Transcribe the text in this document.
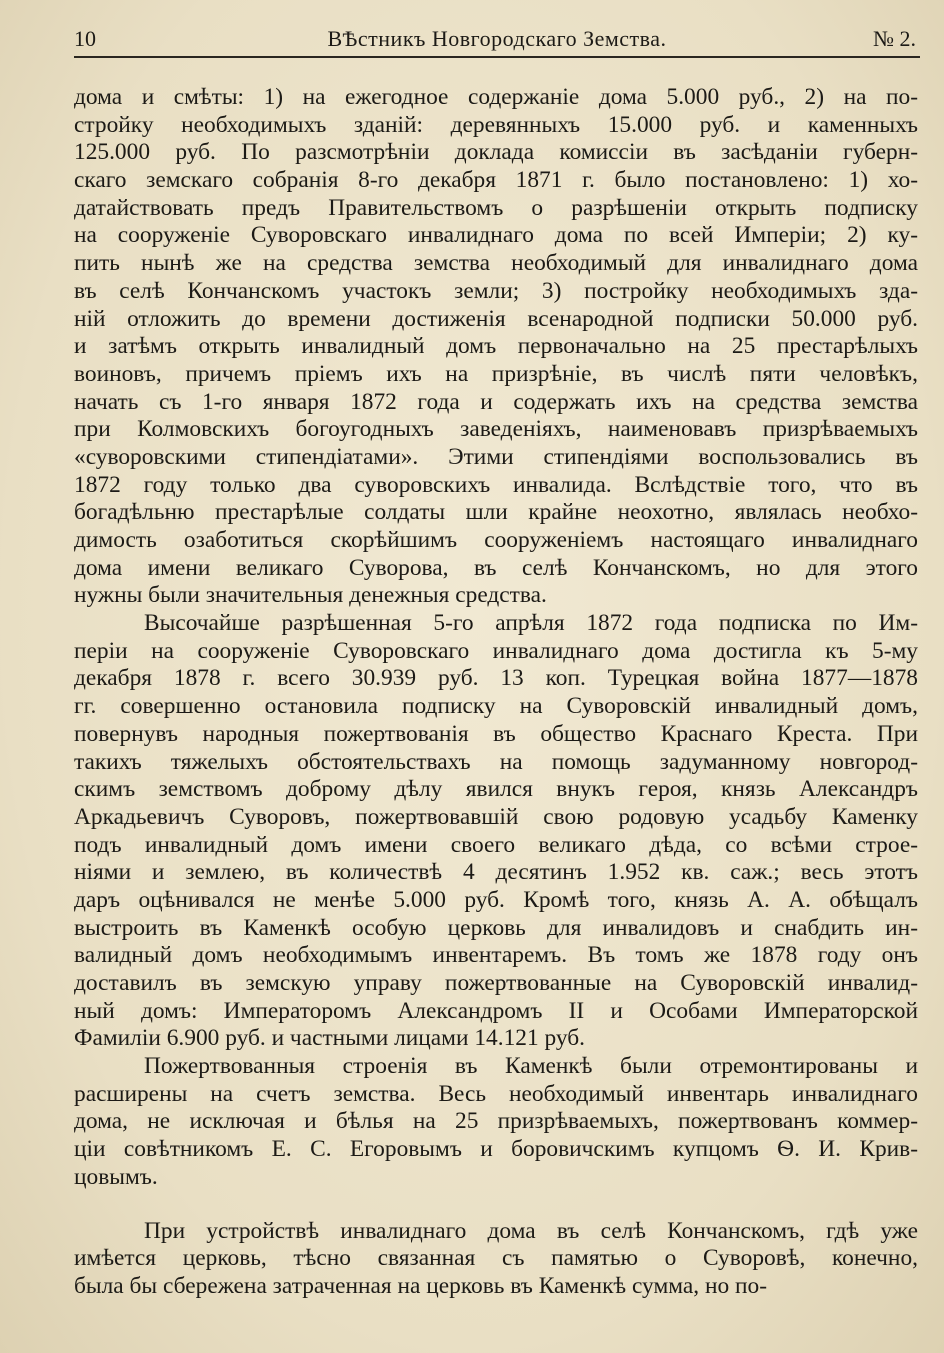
10	ВѢстникъ Новгородскаго Земства.	№ 2.
дома и смѣты: 1) на ежегодное содержаніе дома 5.000 руб., 2) на по-
стройку необходимыхъ зданій: деревянныхъ 15.000 руб. и каменныхъ
125.000 руб. По разсмотрѣніи доклада комиссіи въ засѣданіи губерн-
скаго земскаго собранія 8-го декабря 1871 г. было постановлено: 1) хо-
датайствовать предъ Правительствомъ о разрѣшеніи открыть подписку
на сооруженіе Суворовскаго инвалиднаго дома по всей Имперіи; 2) ку-
пить нынѣ же на средства земства необходимый для инвалиднаго дома
въ селѣ Кончанскомъ участокъ земли; 3) постройку необходимыхъ зда-
ній отложить до времени достиженія всенародной подписки 50.000 руб.
и затѣмъ открыть инвалидный домъ первоначально на 25 престарѣлыхъ
воиновъ, причемъ пріемъ ихъ на призрѣніе, въ числѣ пяти человѣкъ,
начать съ 1-го января 1872 года и содержать ихъ на средства земства
при Колмовскихъ богоугодныхъ заведеніяхъ, наименовавъ призрѣваемыхъ
«суворовскими стипендіатами». Этими стипендіями воспользовались въ
1872 году только два суворовскихъ инвалида. Вслѣдствіе того, что въ
богадѣльню престарѣлые солдаты шли крайне неохотно, являлась необхо-
димость озаботиться скорѣйшимъ сооруженіемъ настоящаго инвалиднаго
дома имени великаго Суворова, въ селѣ Кончанскомъ, но для этого
нужны были значительныя денежныя средства.
Высочайше разрѣшенная 5-го апрѣля 1872 года подписка по Им-
періи на сооруженіе Суворовскаго инвалиднаго дома достигла къ 5-му
декабря 1878 г. всего 30.939 руб. 13 коп. Турецкая война 1877—1878
гг. совершенно остановила подписку на Суворовскій инвалидный домъ,
повернувъ народныя пожертвованія въ общество Краснаго Креста. При
такихъ тяжелыхъ обстоятельствахъ на помощь задуманному новгород-
скимъ земствомъ доброму дѣлу явился внукъ героя, князь Александръ
Аркадьевичъ Суворовъ, пожертвовавшій свою родовую усадьбу Каменку
подъ инвалидный домъ имени своего великаго дѣда, со всѣми строе-
ніями и землею, въ количествѣ 4 десятинъ 1.952 кв. саж.; весь этотъ
даръ оцѣнивался не менѣе 5.000 руб. Кромѣ того, князь А. А. обѣщалъ
выстроить въ Каменкѣ особую церковь для инвалидовъ и снабдить ин-
валидный домъ необходимымъ инвентаремъ. Въ томъ же 1878 году онъ
доставилъ въ земскую управу пожертвованные на Суворовскій инвалид-
ный домъ: Императоромъ Александромъ II и Особами Императорской
Фамиліи 6.900 руб. и частными лицами 14.121 руб.
Пожертвованныя строенія въ Каменкѣ были отремонтированы и
расширены на счетъ земства. Весь необходимый инвентарь инвалиднаго
дома, не исключая и бѣлья на 25 призрѣваемыхъ, пожертвованъ коммер-
ціи совѣтникомъ Е. С. Егоровымъ и боровичскимъ купцомъ Ѳ. И. Крив-
цовымъ.
При устройствѣ инвалиднаго дома въ селѣ Кончанскомъ, гдѣ уже
имѣется церковь, тѣсно связанная съ памятью о Суворовѣ, конечно,
была бы сбережена затраченная на церковь въ Каменкѣ сумма, но по-
